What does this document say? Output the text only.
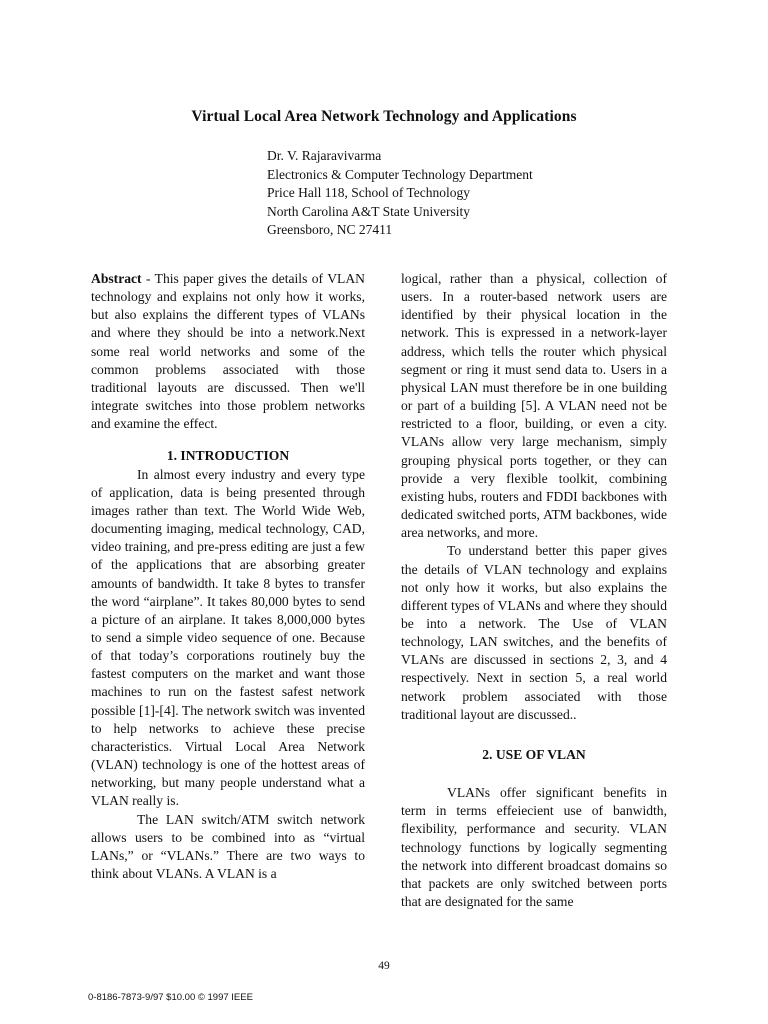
Virtual Local Area Network Technology and Applications
Dr. V. Rajaravivarma
Electronics & Computer Technology Department
Price Hall 118, School of Technology
North Carolina A&T State University
Greensboro, NC 27411

Abstract - This paper gives the details of VLAN technology and explains not only how it works, but also explains the different types of VLANs and where they should be into a network.Next some real world networks and some of the common problems associated with those traditional layouts are discussed. Then we'll integrate switches into those problem networks and examine the effect.

1. INTRODUCTION

In almost every industry and every type of application, data is being presented through images rather than text. The World Wide Web, documenting imaging, medical technology, CAD, video training, and pre-press editing are just a few of the applications that are absorbing greater amounts of bandwidth. It take 8 bytes to transfer the word “airplane”. It takes 80,000 bytes to send a picture of an airplane. It takes 8,000,000 bytes to send a simple video sequence of one. Because of that today’s corporations routinely buy the fastest computers on the market and want those machines to run on the fastest safest network possible [1]-[4]. The network switch was invented to help networks to achieve these precise characteristics. Virtual Local Area Network (VLAN) technology is one of the hottest areas of networking, but many people understand what a VLAN really is.

The LAN switch/ATM switch network allows users to be combined into as “virtual LANs,” or “VLANs.” There are two ways to think about VLANs. A VLAN is a

logical, rather than a physical, collection of users. In a router-based network users are identified by their physical location in the network. This is expressed in a network-layer address, which tells the router which physical segment or ring it must send data to. Users in a physical LAN must therefore be in one building or part of a building [5]. A VLAN need not be restricted to a floor, building, or even a city. VLANs allow very large mechanism, simply grouping physical ports together, or they can provide a very flexible toolkit, combining existing hubs, routers and FDDI backbones with dedicated switched ports, ATM backbones, wide area networks, and more.

To understand better this paper gives the details of VLAN technology and explains not only how it works, but also explains the different types of VLANs and where they should be into a network. The Use of VLAN technology, LAN switches, and the benefits of VLANs are discussed in sections 2, 3, and 4 respectively. Next in section 5, a real world network problem associated with those traditional layout are discussed..

2. USE OF VLAN

VLANs offer significant benefits in term in terms effeiecient use of banwidth, flexibility, performance and security. VLAN technology functions by logically segmenting the network into different broadcast domains so that packets are only switched between ports that are designated for the same

49
0-8186-7873-9/97 $10.00 © 1997 IEEE
